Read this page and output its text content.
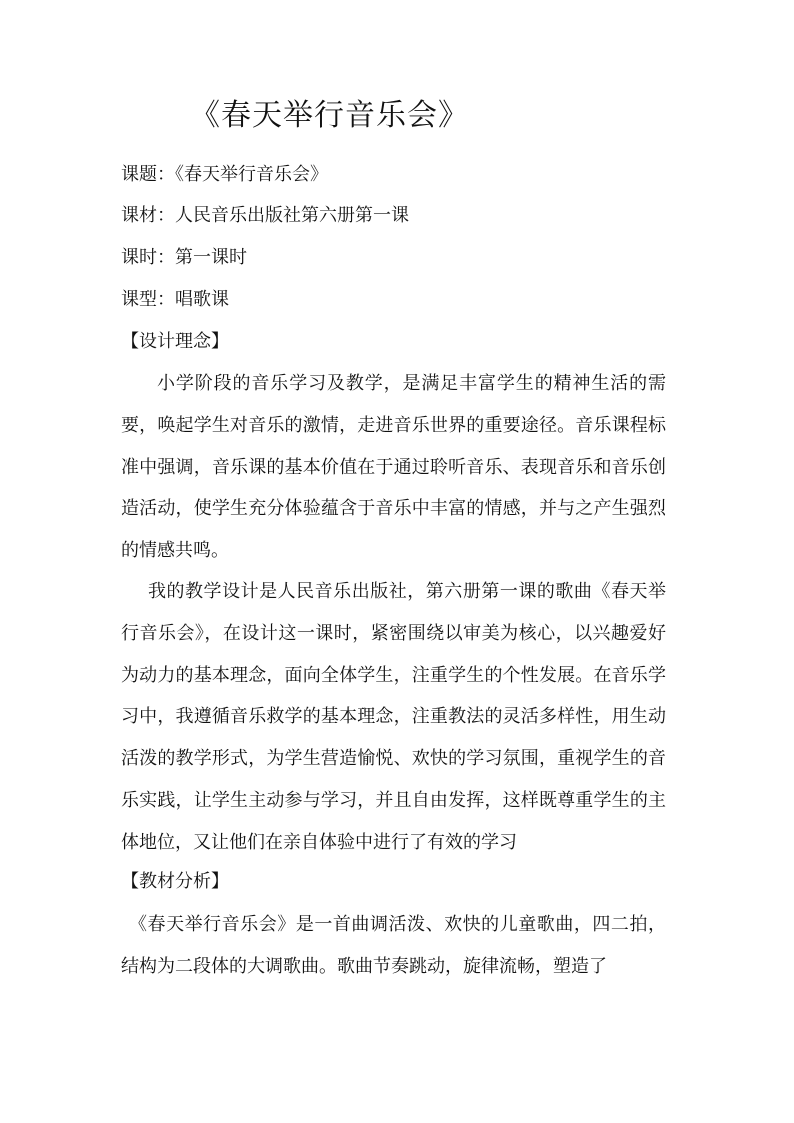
《春天举行音乐会》
课题：《春天举行音乐会》
课材：人民音乐出版社第六册第一课
课时：第一课时
课型：唱歌课
【设计理念】

小学阶段的音乐学习及教学，是满足丰富学生的精神生活的需要，唤起学生对音乐的激情，走进音乐世界的重要途径。音乐课程标准中强调，音乐课的基本价值在于通过聆听音乐、表现音乐和音乐创造活动，使学生充分体验蕴含于音乐中丰富的情感，并与之产生强烈的情感共鸣。

我的教学设计是人民音乐出版社，第六册第一课的歌曲《春天举行音乐会》，在设计这一课时，紧密围绕以审美为核心，以兴趣爱好为动力的基本理念，面向全体学生，注重学生的个性发展。在音乐学习中，我遵循音乐救学的基本理念，注重教法的灵活多样性，用生动活泼的教学形式，为学生营造愉悦、欢快的学习氛围，重视学生的音乐实践，让学生主动参与学习，并且自由发挥，这样既尊重学生的主体地位，又让他们在亲自体验中进行了有效的学习

【教材分析】

《春天举行音乐会》是一首曲调活泼、欢快的儿童歌曲，四二拍，结构为二段体的大调歌曲。歌曲节奏跳动，旋律流畅，塑造了
